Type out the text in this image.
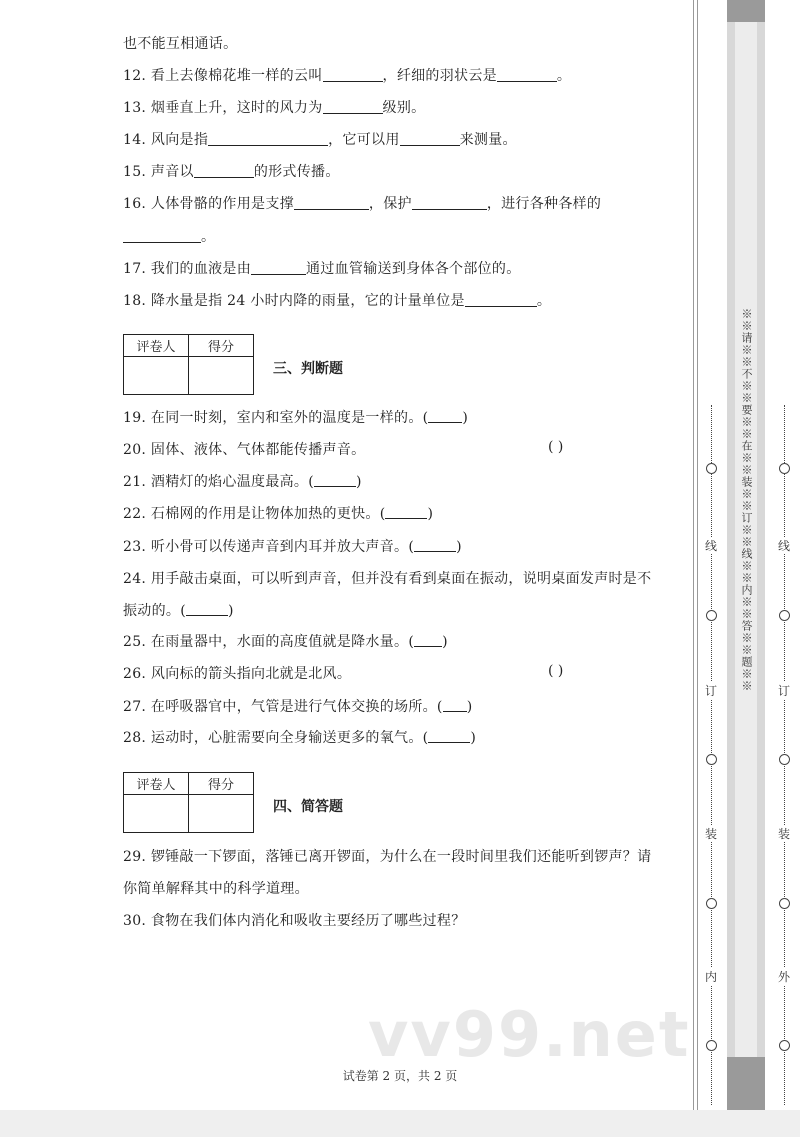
也不能互相通话。
12. 看上去像棉花堆一样的云叫	，纤细的羽状云是	。
13. 烟垂直上升，这时的风力为	级别。
14. 风向是指	，它可以用	来测量。
15. 声音以	的形式传播。
16. 人体骨骼的作用是支撑	，保护	，进行各种各样的
。
17. 我们的血液是由	通过血管输送到身体各个部位的。
18. 降水量是指 24 小时内降的雨量，它的计量单位是	。
19. 在同一时刻，室内和室外的温度是一样的。( )
20. 固体、液体、气体都能传播声音。
21. 酒精灯的焰心温度最高。(	)
22. 石棉网的作用是让物体加热的更快。(	)
23. 听小骨可以传递声音到内耳并放大声音。(	)
24. 用手敲击桌面，可以听到声音，但并没有看到桌面在振动，说明桌面发声时是不
振动的。(	)
25. 在雨量器中，水面的高度值就是降水量。( )
26. 风向标的箭头指向北就是北风。
27. 在呼吸器官中，气管是进行气体交换的场所。( )
28. 运动时，心脏需要向全身输送更多的氧气。(	)
29. 锣锤敲一下锣面，落锤已离开锣面，为什么在一段时间里我们还能听到锣声？请
你简单解释其中的科学道理。
30. 食物在我们体内消化和吸收主要经历了哪些过程？
( )
( )
评卷人	得分

三、判断题
评卷人	得分

四、简答题
vv99.net
试卷第 2 页，共 2 页
※※请※※不※※要※※在※※装※※订※※线※※内※※答※※题※※
线
订
装
内
线
订
装
外
